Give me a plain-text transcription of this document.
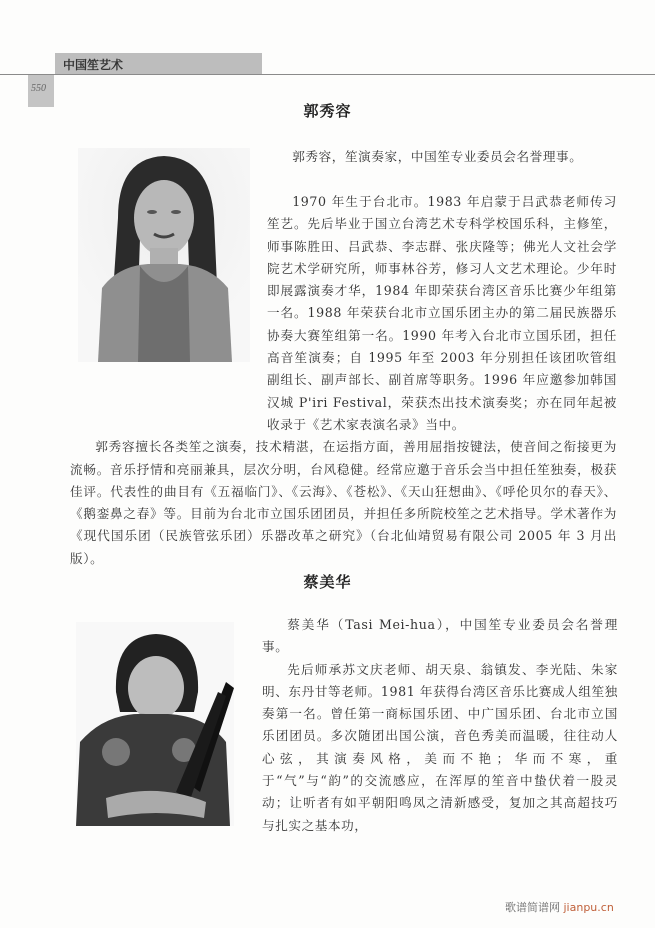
中国笙艺术
550
郭秀容

郭秀容，笙演奏家，中国笙专业委员会名誉理事。

1970 年生于台北市。1983 年启蒙于吕武恭老师传习笙艺。先后毕业于国立台湾艺术专科学校国乐科，主修笙，师事陈胜田、吕武恭、李志群、张庆隆等；佛光人文社会学院艺术学研究所，师事林谷芳，修习人文艺术理论。少年时即展露演奏才华，1984 年即荣获台湾区音乐比赛少年组第一名。1988 年荣获台北市立国乐团主办的第二届民族器乐协奏大赛笙组第一名。1990 年考入台北市立国乐团，担任高音笙演奏；自 1995 年至 2003 年分别担任该团吹管组副组长、副声部长、副首席等职务。1996 年应邀参加韩国汉城 P'iri Festival，荣获杰出技术演奏奖；亦在同年起被收录于《艺术家表演名录》当中。

郭秀容擅长各类笙之演奏，技术精湛，在运指方面，善用屈指按键法，使音间之衔接更为流畅。音乐抒情和亮丽兼具，层次分明，台风稳健。经常应邀于音乐会当中担任笙独奏，极获佳评。代表性的曲目有《五福临门》、《云海》、《苍松》、《天山狂想曲》、《呼伦贝尔的春天》、《鹅銮鼻之春》等。目前为台北市立国乐团团员，并担任多所院校笙之艺术指导。学术著作为《现代国乐团（民族管弦乐团）乐器改革之研究》（台北仙靖贸易有限公司 2005 年 3 月出版）。

蔡美华

蔡美华（Tasi Mei-hua），中国笙专业委员会名誉理事。

先后师承苏文庆老师、胡天泉、翁镇发、李光陆、朱家明、东丹甘等老师。1981 年获得台湾区音乐比赛成人组笙独奏第一名。曾任第一商标国乐团、中广国乐团、台北市立国乐团团员。多次随团出国公演，音色秀美而温暖，往往动人心弦，其演奏风格，美而不艳；华而不寒，重于“气”与“韵”的交流感应，在浑厚的笙音中蛰伏着一股灵动；让听者有如平朝阳鸣凤之清新感受，复加之其高超技巧与扎实之基本功，

歌谱简谱网 jianpu.cn
